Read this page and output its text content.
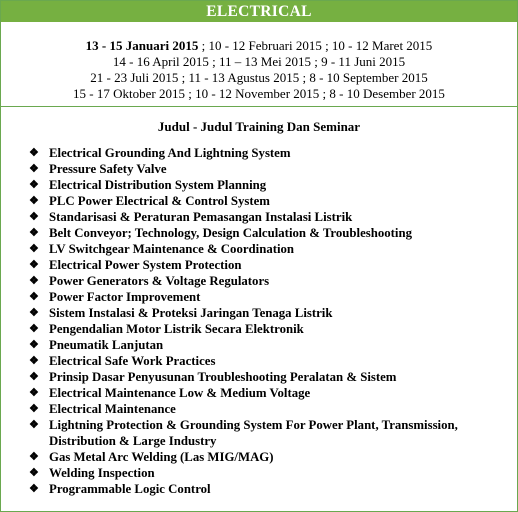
ELECTRICAL
13 - 15 Januari 2015 ; 10 - 12 Februari 2015 ; 10 - 12 Maret 2015
14 - 16 April 2015 ; 11 – 13 Mei 2015 ; 9 - 11 Juni 2015
21 - 23 Juli 2015 ; 11 - 13 Agustus 2015 ; 8 - 10 September 2015
15 - 17 Oktober 2015 ; 10 - 12 November 2015 ; 8 - 10 Desember 2015
Judul - Judul Training Dan Seminar
❖ Electrical Grounding And Lightning System
❖ Pressure Safety Valve
❖ Electrical Distribution System Planning
❖ PLC Power Electrical & Control System
❖ Standarisasi & Peraturan Pemasangan Instalasi Listrik
❖ Belt Conveyor; Technology, Design Calculation & Troubleshooting
❖ LV Switchgear Maintenance & Coordination
❖ Electrical Power System Protection
❖ Power Generators & Voltage Regulators
❖ Power Factor Improvement
❖ Sistem Instalasi & Proteksi Jaringan Tenaga Listrik
❖ Pengendalian Motor Listrik Secara Elektronik
❖ Pneumatik Lanjutan
❖ Electrical Safe Work Practices
❖ Prinsip Dasar Penyusunan Troubleshooting Peralatan & Sistem
❖ Electrical Maintenance Low & Medium Voltage
❖ Electrical Maintenance
❖ Lightning Protection & Grounding System For Power Plant, Transmission, Distribution & Large Industry
❖ Gas Metal Arc Welding (Las MIG/MAG)
❖ Welding Inspection
❖ Programmable Logic Control
